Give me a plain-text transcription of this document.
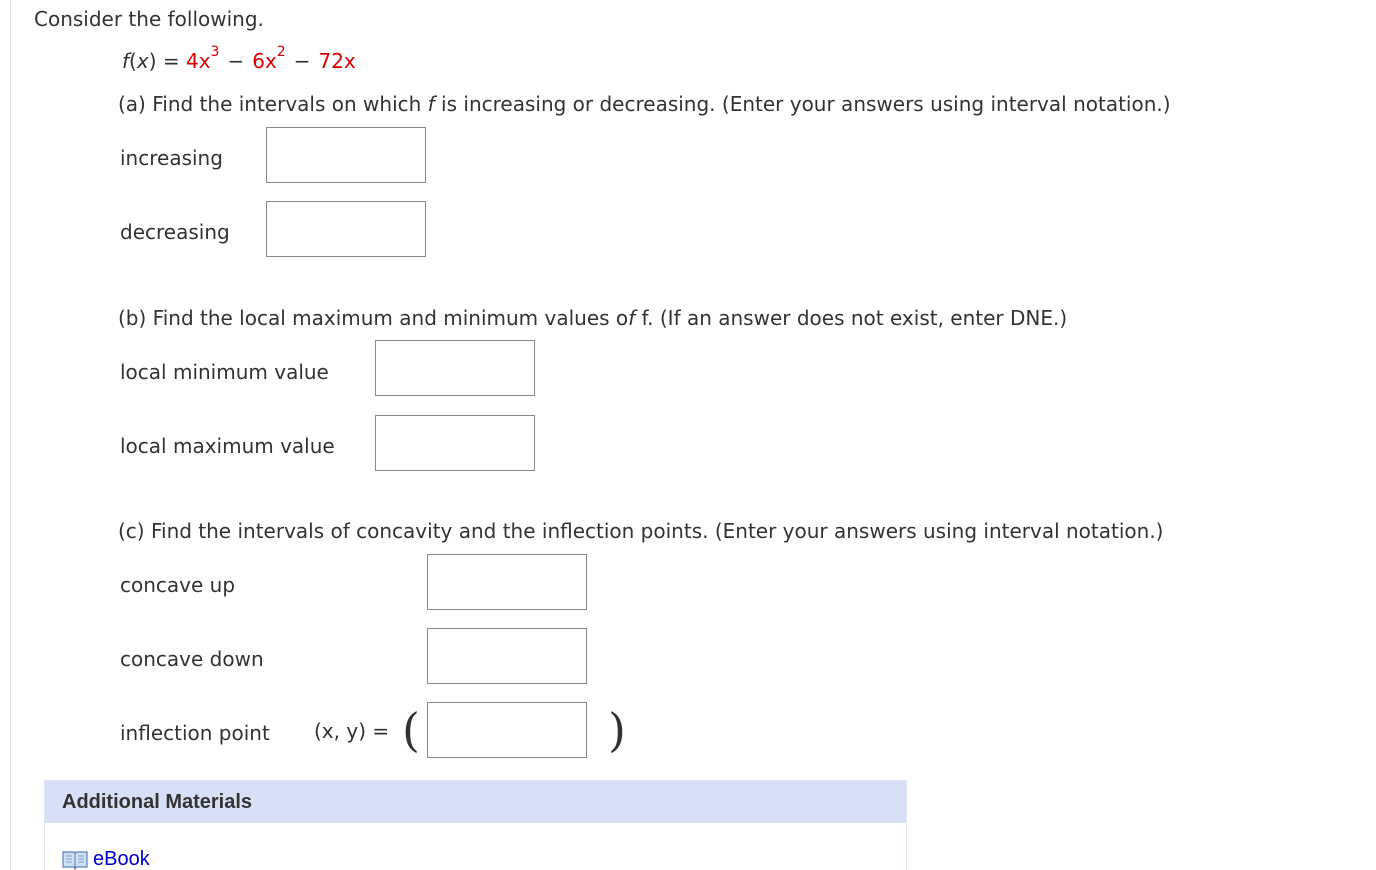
Consider the following.
$f(x) = 4x^3 - 6x^2 - 72x$
(a) Find the intervals on which f is increasing or decreasing. (Enter your answers using interval notation.)
increasing
decreasing
(b) Find the local maximum and minimum values of f. (If an answer does not exist, enter DNE.)
local minimum value
local maximum value
(c) Find the intervals of concavity and the inflection points. (Enter your answers using interval notation.)
concave up
concave down
inflection point (x, y) = (	)
Additional Materials
eBook
